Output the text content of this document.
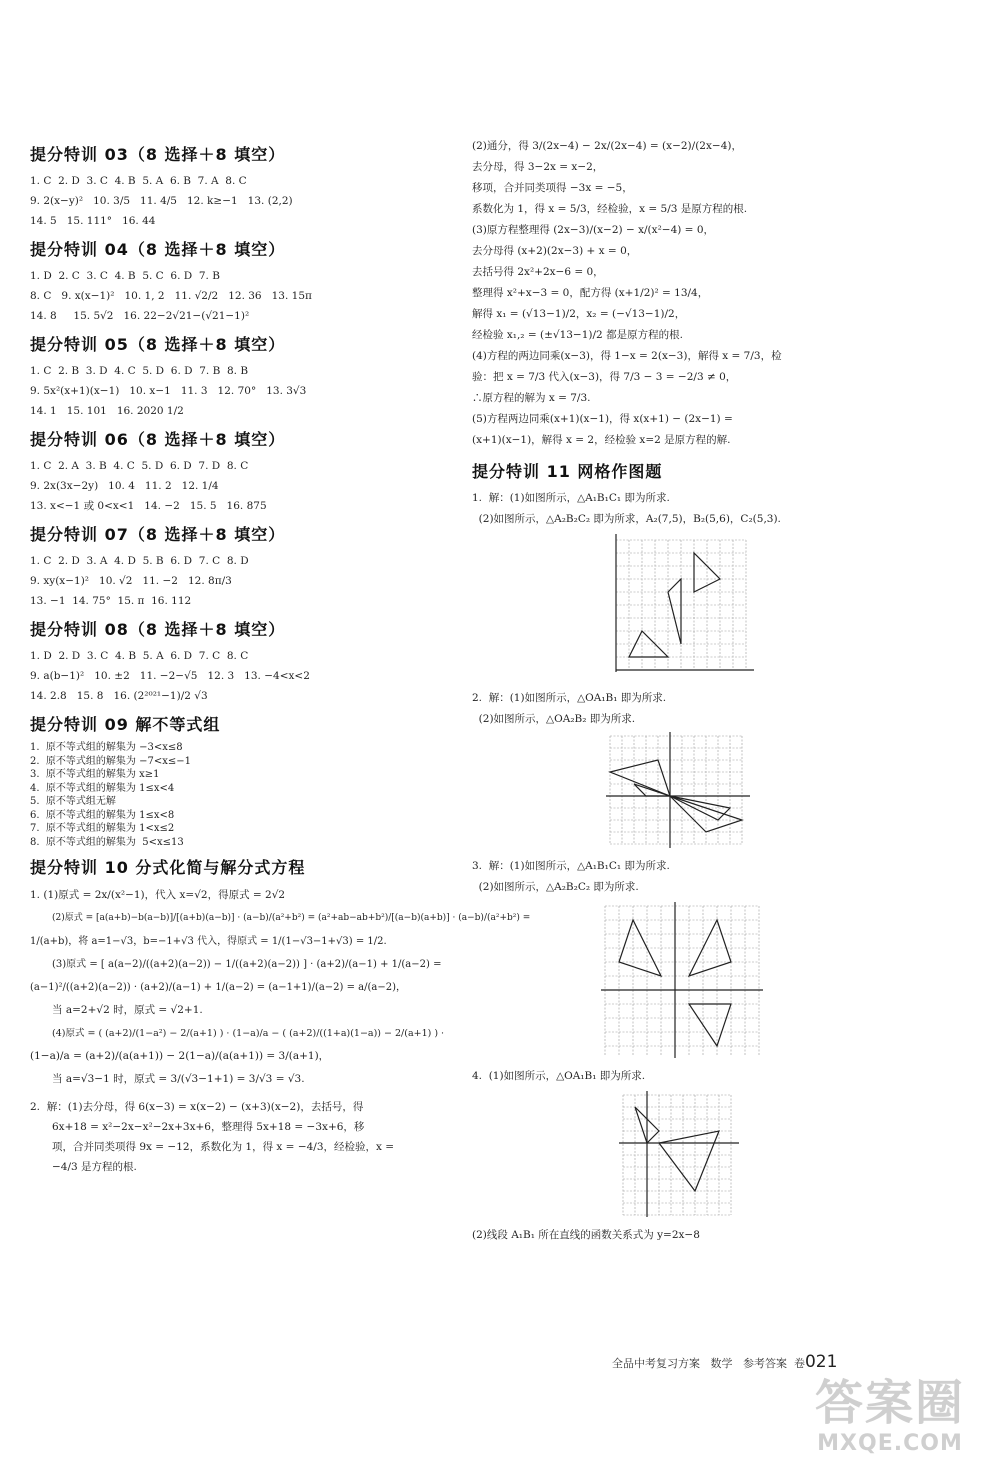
提分特训 03（8 选择＋8 填空）
1. C  2. D  3. C  4. B  5. A  6. B  7. A  8. C
9. 2(x−y)²   10. 3/5   11. 4/5   12. k≥−1   13. (2,2)
14. 5   15. 111°   16. 44
提分特训 04（8 选择＋8 填空）
1. D  2. C  3. C  4. B  5. C  6. D  7. B
8. C   9. x(x−1)²   10. 1, 2   11. √2/2   12. 36   13. 15π
14. 8     15. 5√2   16. 22−2√21−(√21−1)²
提分特训 05（8 选择＋8 填空）
1. C  2. B  3. D  4. C  5. D  6. D  7. B  8. B
9. 5x²(x+1)(x−1)   10. x−1   11. 3   12. 70°   13. 3√3
14. 1   15. 101   16. 2020 1/2
提分特训 06（8 选择＋8 填空）
1. C  2. A  3. B  4. C  5. D  6. D  7. D  8. C
9. 2x(3x−2y)   10. 4   11. 2   12. 1/4
13. x<−1 或 0<x<1   14. −2   15. 5   16. 875
提分特训 07（8 选择＋8 填空）
1. C  2. D  3. A  4. D  5. B  6. D  7. C  8. D
9. xy(x−1)²   10. √2   11. −2   12. 8π/3
13. −1  14. 75°  15. π  16. 112
提分特训 08（8 选择＋8 填空）
1. D  2. D  3. C  4. B  5. A  6. D  7. C  8. C
9. a(b−1)²   10. ±2   11. −2−√5   12. 3   13. −4<x<2
14. 2.8   15. 8   16. (2²⁰²¹−1)/2 √3
提分特训 09 解不等式组
1.  原不等式组的解集为 −3<x≤8
2.  原不等式组的解集为 −7<x≤−1
3.  原不等式组的解集为 x≥1
4.  原不等式组的解集为 1≤x<4
5.  原不等式组无解
6.  原不等式组的解集为 1≤x<8
7.  原不等式组的解集为 1<x≤2
8.  原不等式组的解集为  5<x≤13
提分特训 10 分式化简与解分式方程
1. (1)原式 = 2x/(x²−1)，代入 x=√2，得原式 = 2√2
(2)原式 = [a(a+b)−b(a−b)]/[(a+b)(a−b)] · (a−b)/(a²+b²) = (a²+ab−ab+b²)/[(a−b)(a+b)] · (a−b)/(a²+b²) =
1/(a+b)，将 a=1−√3，b=−1+√3 代入，得原式 = 1/(1−√3−1+√3) = 1/2.
(3)原式 = [ a(a−2)/((a+2)(a−2)) − 1/((a+2)(a−2)) ] · (a+2)/(a−1) + 1/(a−2) =
(a−1)²/((a+2)(a−2)) · (a+2)/(a−1) + 1/(a−2) = (a−1+1)/(a−2) = a/(a−2)，
当 a=2+√2 时，原式 = √2+1.
(4)原式 = ( (a+2)/(1−a²) − 2/(a+1) ) · (1−a)/a − ( (a+2)/((1+a)(1−a)) − 2/(a+1) ) ·
(1−a)/a = (a+2)/(a(a+1)) − 2(1−a)/(a(a+1)) = 3/(a+1)，
当 a=√3−1 时，原式 = 3/(√3−1+1) = 3/√3 = √3.
2.  解：(1)去分母，得 6(x−3) = x(x−2) − (x+3)(x−2)，去括号，得
6x+18 = x²−2x−x²−2x+3x+6，整理得 5x+18 = −3x+6，移
项，合并同类项得 9x = −12，系数化为 1，得 x = −4/3，经检验，x =
−4/3 是方程的根.
(2)通分，得 3/(2x−4) − 2x/(2x−4) = (x−2)/(2x−4)，
去分母，得 3−2x = x−2，
移项，合并同类项得 −3x = −5，
系数化为 1，得 x = 5/3，经检验，x = 5/3 是原方程的根.
(3)原方程整理得 (2x−3)/(x−2) − x/(x²−4) = 0，
去分母得 (x+2)(2x−3) + x = 0，
去括号得 2x²+2x−6 = 0，
整理得 x²+x−3 = 0，配方得 (x+1/2)² = 13/4，
解得 x₁ = (√13−1)/2，x₂ = (−√13−1)/2，
经检验 x₁,₂ = (±√13−1)/2 都是原方程的根.
(4)方程的两边同乘(x−3)，得 1−x = 2(x−3)，解得 x = 7/3，检
验：把 x = 7/3 代入(x−3)，得 7/3 − 3 = −2/3 ≠ 0，
∴原方程的解为 x = 7/3.
(5)方程两边同乘(x+1)(x−1)，得 x(x+1) − (2x−1) =
(x+1)(x−1)，解得 x = 2，经检验 x=2 是原方程的解.
提分特训 11 网格作图题
1.  解：(1)如图所示，△A₁B₁C₁ 即为所求.
(2)如图所示，△A₂B₂C₂ 即为所求，A₂(7,5)，B₂(5,6)，C₂(5,3).
2.  解：(1)如图所示，△OA₁B₁ 即为所求.
(2)如图所示，△OA₂B₂ 即为所求.
3.  解：(1)如图所示，△A₁B₁C₁ 即为所求.
(2)如图所示，△A₂B₂C₂ 即为所求.
4.  (1)如图所示，△OA₁B₁ 即为所求.
(2)线段 A₁B₁ 所在直线的函数关系式为 y=2x−8

全品中考复习方案   数学   参考答案  卷021

答案圈
MXQE.COM
